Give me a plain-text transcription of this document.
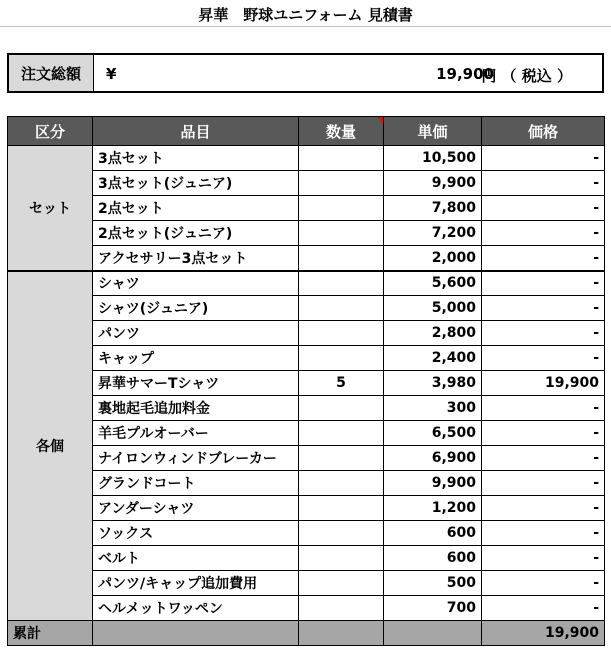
昇華　野球ユニフォーム 見積書
注文総額	¥	19,900
円 （ 税込 ）
区分	品目	数量	単価	価格
セット	3点セット		10,500	-
	3点セット(ジュニア)		9,900	-
	2点セット		7,800	-
	2点セット(ジュニア)		7,200	-
	アクセサリー3点セット		2,000	-
各個	シャツ		5,600	-
	シャツ(ジュニア)		5,000	-
	パンツ		2,800	-
	キャップ		2,400	-
	昇華サマーTシャツ	5	3,980	19,900
	裏地起毛追加料金		300	-
	羊毛プルオーバー		6,500	-
	ナイロンウィンドブレーカー		6,900	-
	グランドコート		9,900	-
	アンダーシャツ		1,200	-
	ソックス		600	-
	ベルト		600	-
	パンツ/キャップ追加費用		500	-
	ヘルメットワッペン		700	-
累計				19,900
